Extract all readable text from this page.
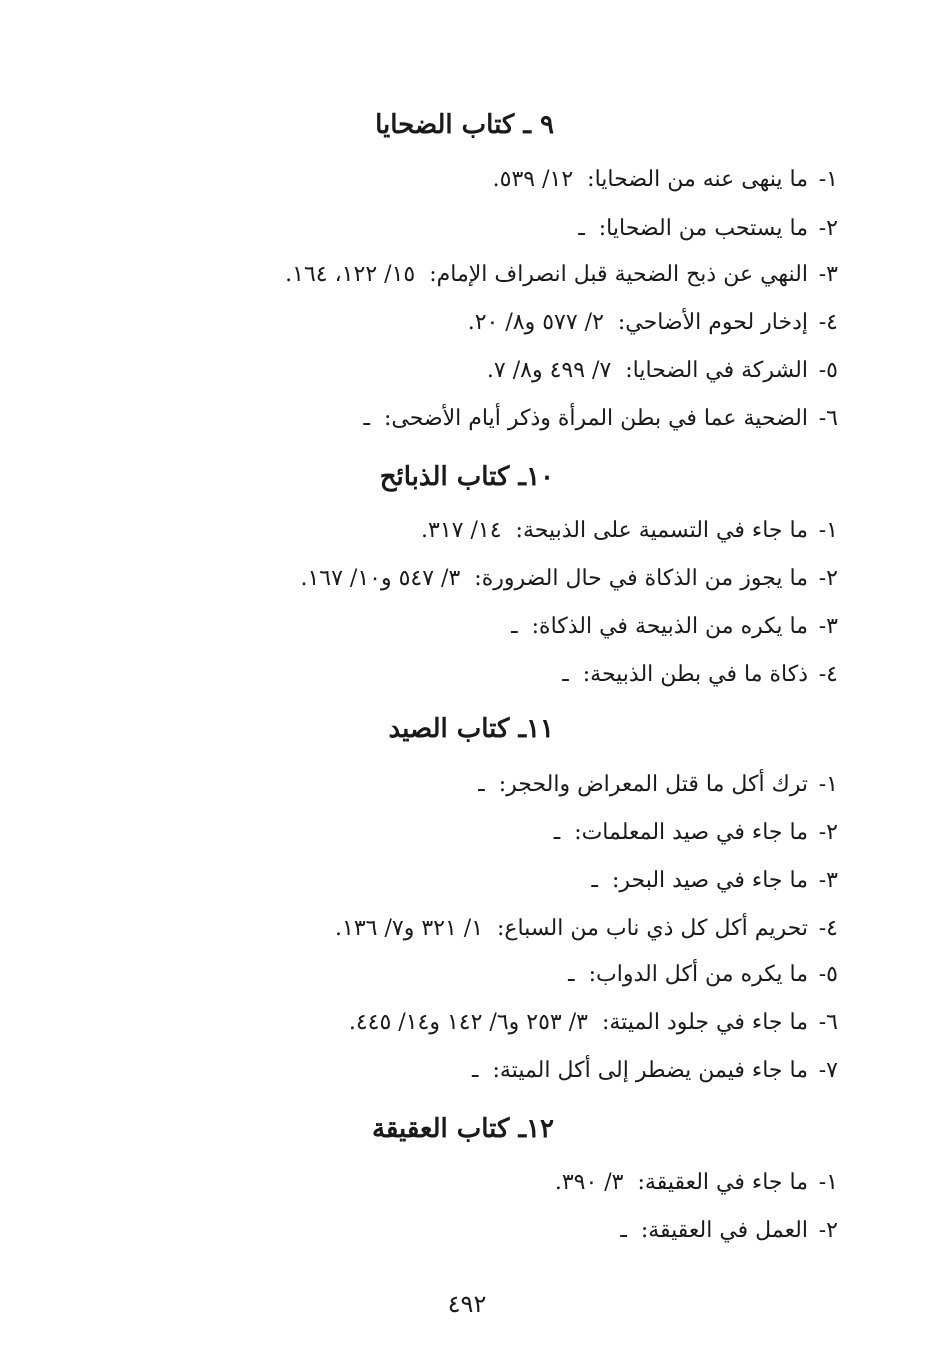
٩ ـ كتاب الضحايا
١-
ما ينهى عنه من الضحايا:
١٢/ ٥٣٩.
٢-
ما يستحب من الضحايا:
ـ
٣-
النهي عن ذبح الضحية قبل انصراف الإمام:
١٥/ ١٢٢، ١٦٤.
٤-
إدخار لحوم الأضاحي:
٢/ ٥٧٧ و٨/ ٢٠.
٥-
الشركة في الضحايا:
٧/ ٤٩٩ و٨/ ٧.
٦-
الضحية عما في بطن المرأة وذكر أيام الأضحى:
ـ
١٠ـ كتاب الذبائح
١-
ما جاء في التسمية على الذبيحة:
١٤/ ٣١٧.
٢-
ما يجوز من الذكاة في حال الضرورة:
٣/ ٥٤٧ و١٠/ ١٦٧.
٣-
ما يكره من الذبيحة في الذكاة:
ـ
٤-
ذكاة ما في بطن الذبيحة:
ـ
١١ـ كتاب الصيد
١-
ترك أكل ما قتل المعراض والحجر:
ـ
٢-
ما جاء في صيد المعلمات:
ـ
٣-
ما جاء في صيد البحر:
ـ
٤-
تحريم أكل كل ذي ناب من السباع:
١/ ٣٢١ و٧/ ١٣٦.
٥-
ما يكره من أكل الدواب:
ـ
٦-
ما جاء في جلود الميتة:
٣/ ٢٥٣ و٦/ ١٤٢ و١٤/ ٤٤٥.
٧-
ما جاء فيمن يضطر إلى أكل الميتة:
ـ
١٢ـ كتاب العقيقة
١-
ما جاء في العقيقة:
٣/ ٣٩٠.
٢-
العمل في العقيقة:
ـ
٤٩٢
